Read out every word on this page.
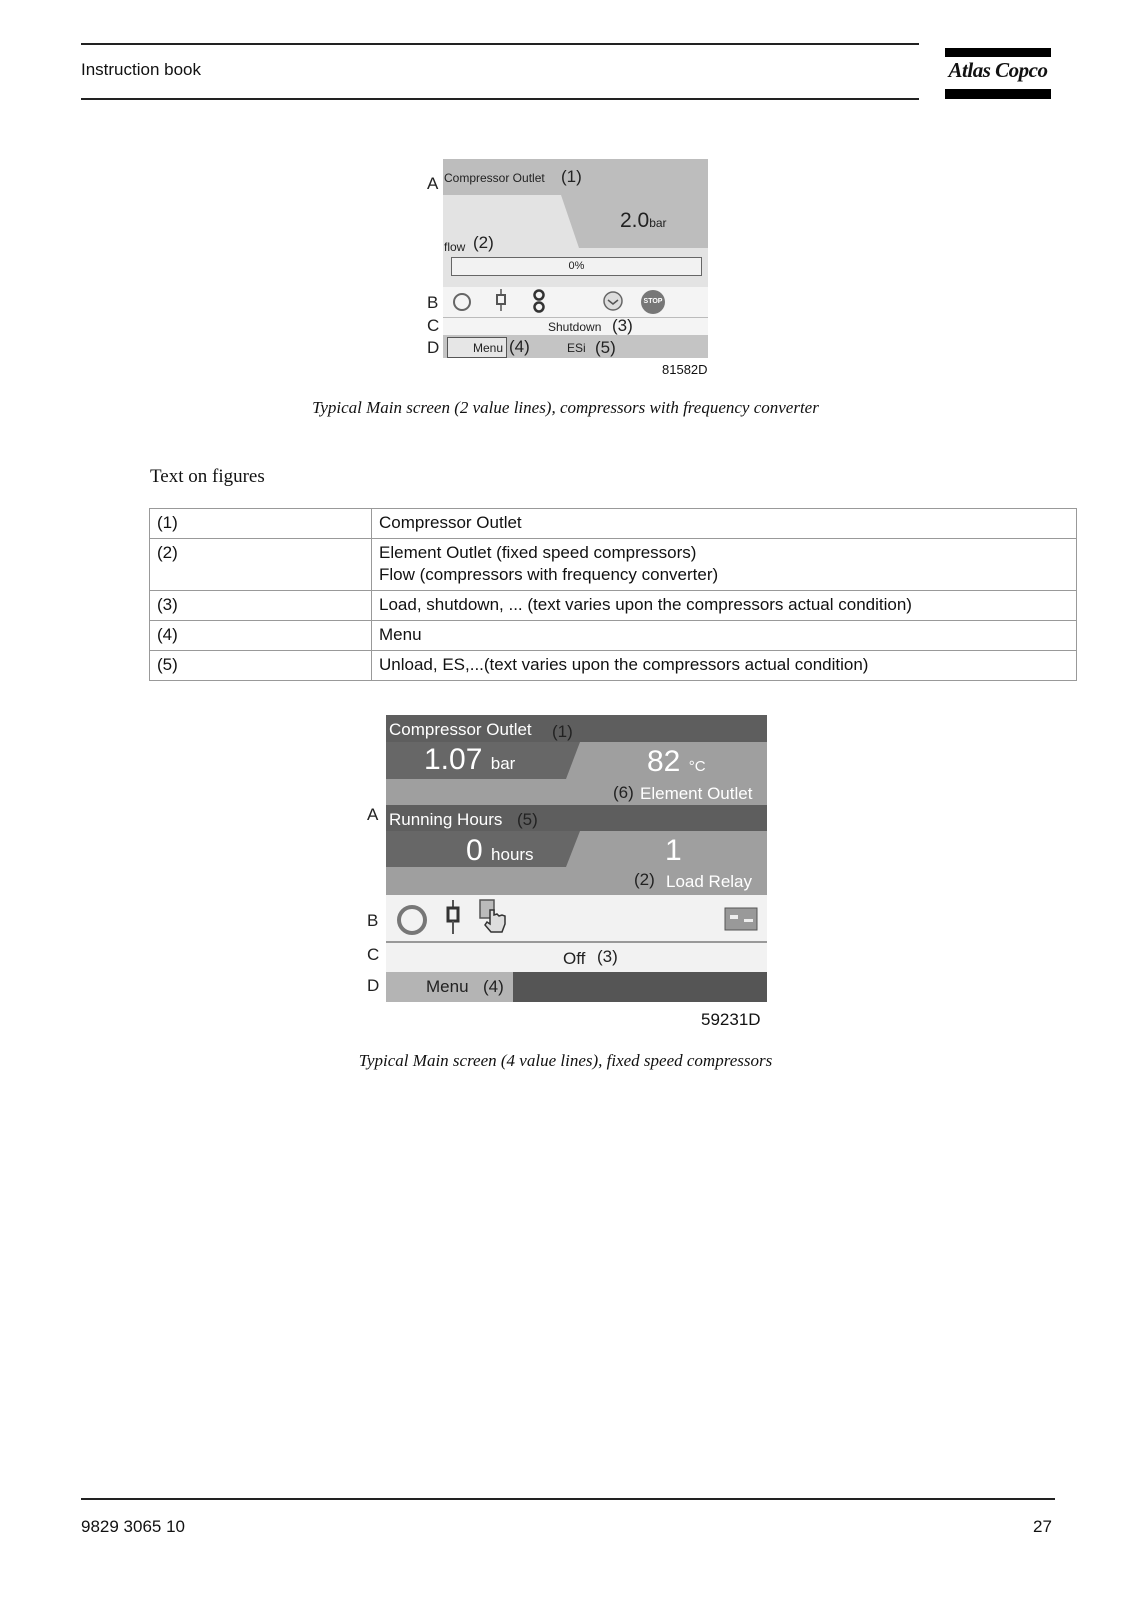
Instruction book	Atlas Copco
A
B
C
D
Compressor Outlet (1)
2.0bar
flow (2)
0%
STOP
Shutdown (3)
Menu (4)	ESi (5)
81582D
Typical Main screen (2 value lines), compressors with frequency converter
Text on figures
(1)	Compressor Outlet
(2)	Element Outlet (fixed speed compressors)
Flow (compressors with frequency converter)

(3)	Load, shutdown, ... (text varies upon the compressors actual condition)
(4)	Menu
(5)	Unload, ES,...(text varies upon the compressors actual condition)
A
B
C
D
Compressor Outlet (1)
1.07 bar	82 °C
(6) Element Outlet
Running Hours (5)
0 hours	1
(2) Load Relay
Off (3)
Menu (4)
59231D
Typical Main screen (4 value lines), fixed speed compressors
9829 3065 10	27
